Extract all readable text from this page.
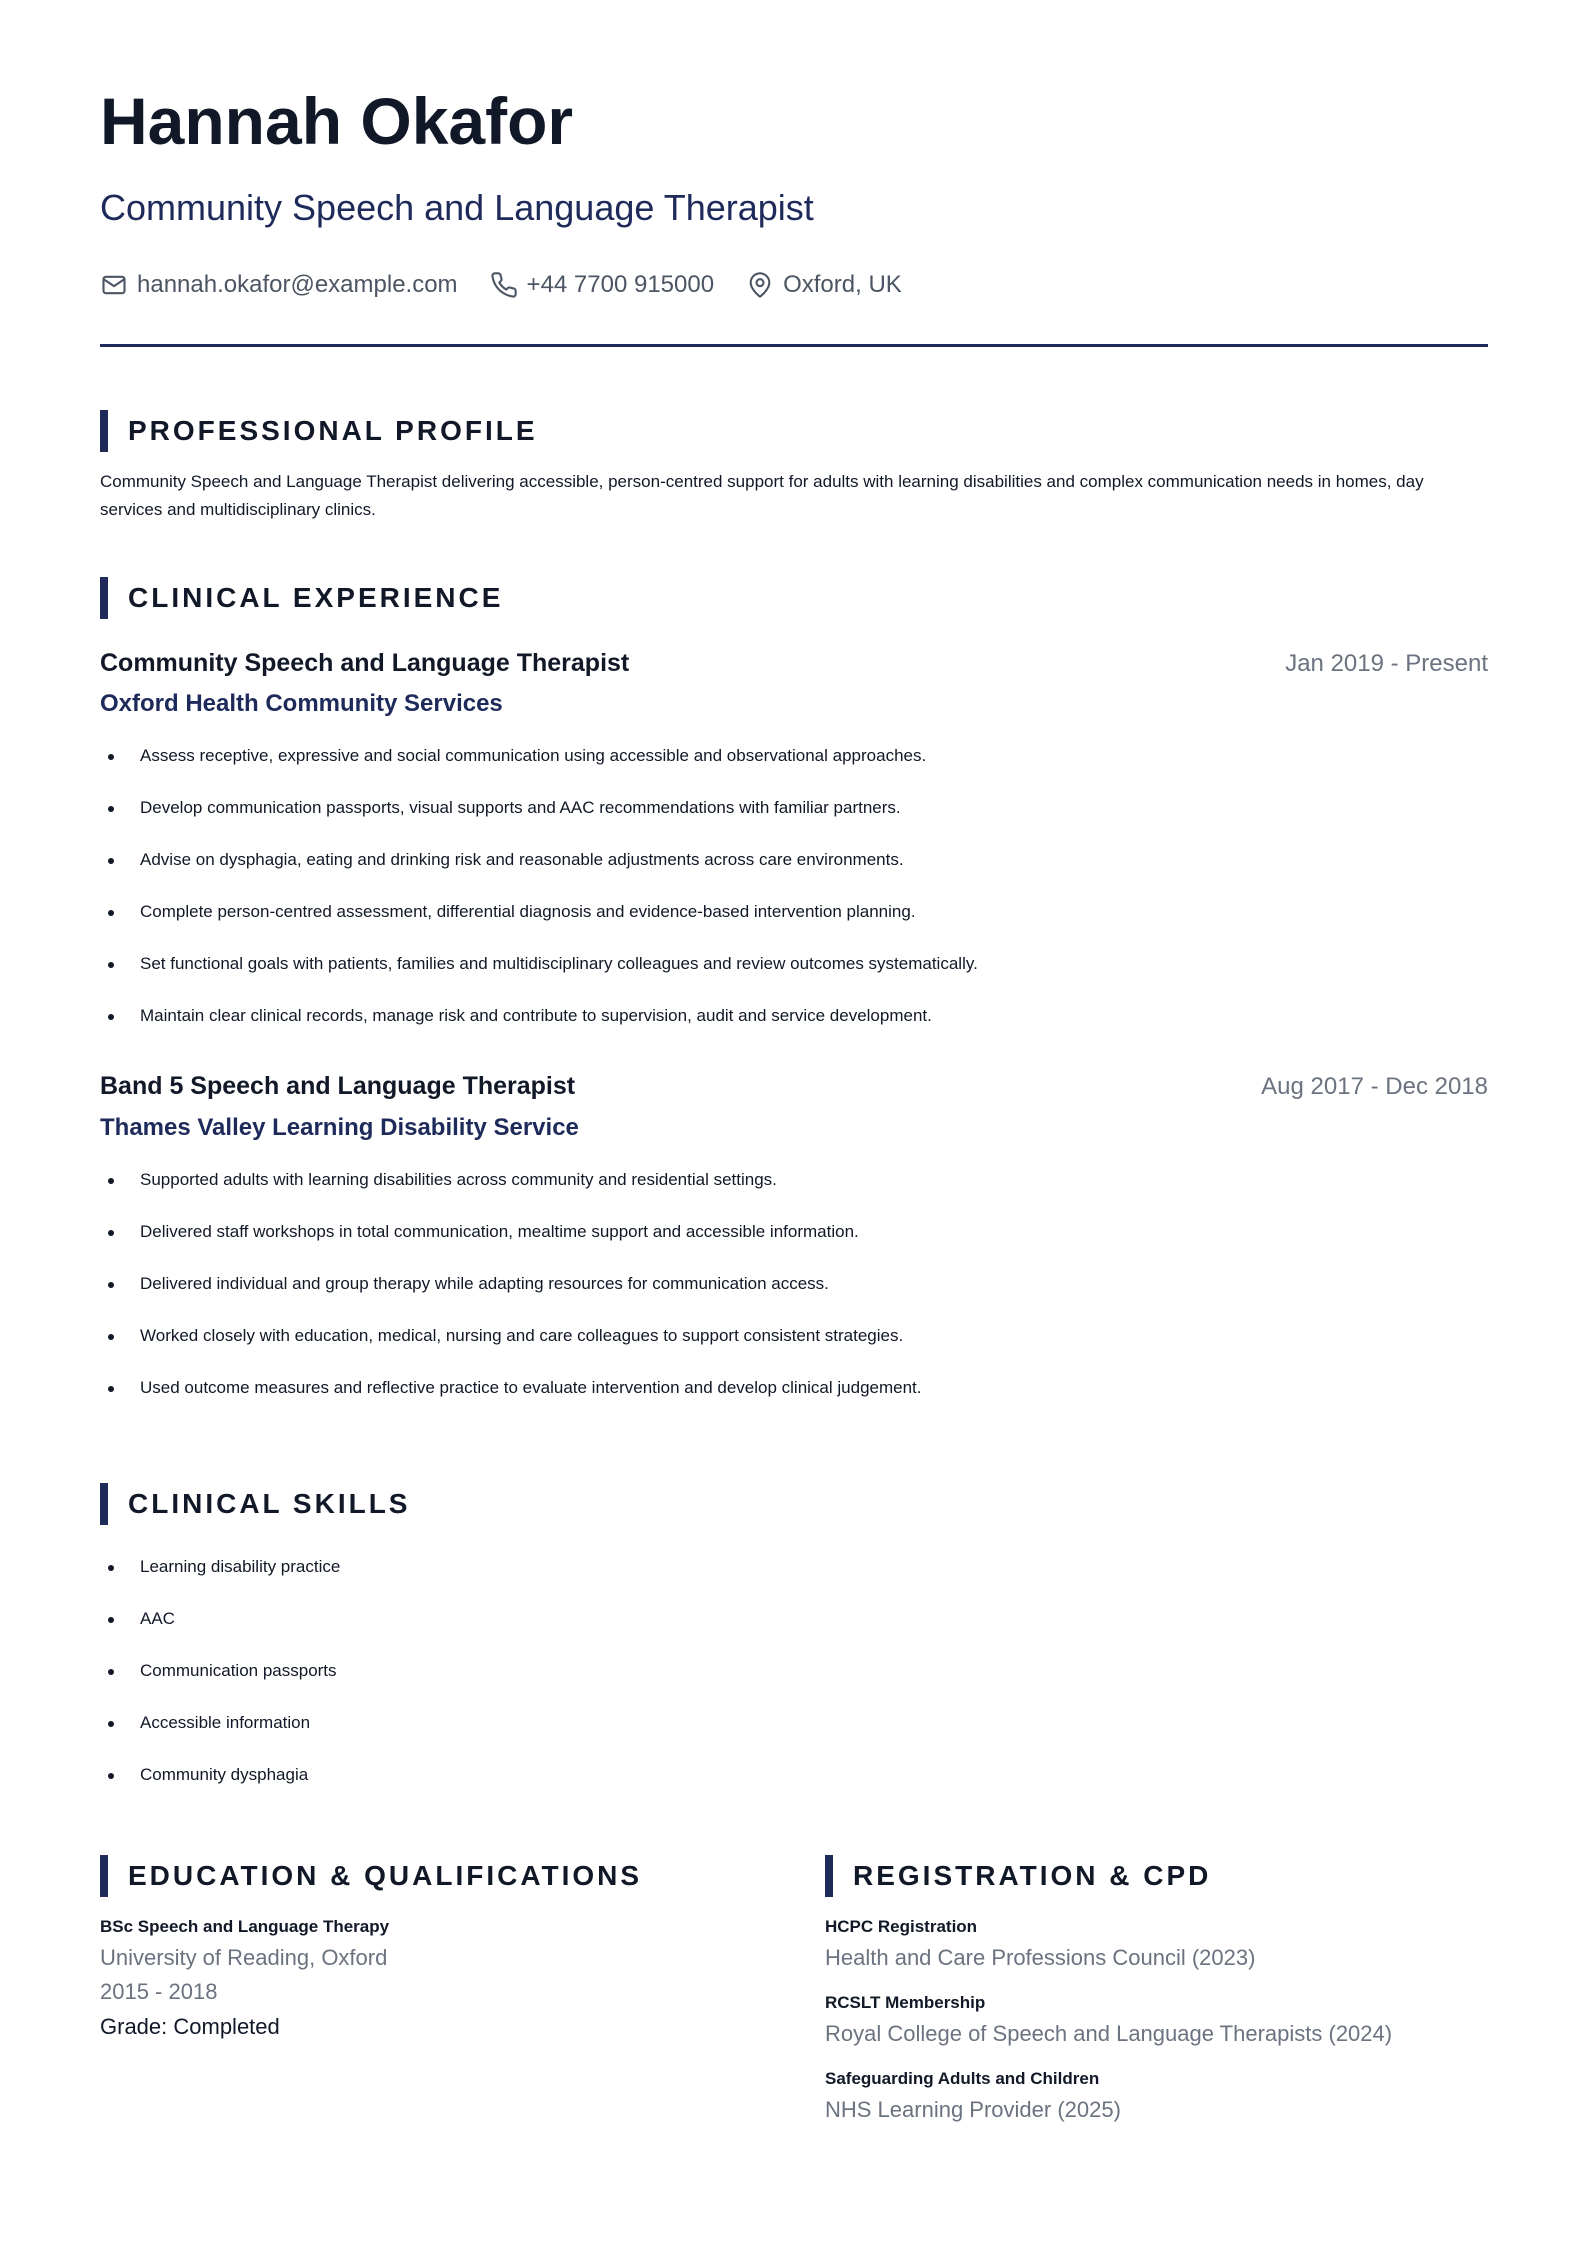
Hannah Okafor
Community Speech and Language Therapist
hannah.okafor@example.com	+44 7700 915000	Oxford, UK
PROFESSIONAL PROFILE
Community Speech and Language Therapist delivering accessible, person-centred support for adults with learning disabilities and complex communication needs in homes, day services and multidisciplinary clinics.
CLINICAL EXPERIENCE
Community Speech and Language Therapist	Jan 2019 - Present
Oxford Health Community Services
Assess receptive, expressive and social communication using accessible and observational approaches.
Develop communication passports, visual supports and AAC recommendations with familiar partners.
Advise on dysphagia, eating and drinking risk and reasonable adjustments across care environments.
Complete person-centred assessment, differential diagnosis and evidence-based intervention planning.
Set functional goals with patients, families and multidisciplinary colleagues and review outcomes systematically.
Maintain clear clinical records, manage risk and contribute to supervision, audit and service development.
Band 5 Speech and Language Therapist	Aug 2017 - Dec 2018
Thames Valley Learning Disability Service
Supported adults with learning disabilities across community and residential settings.
Delivered staff workshops in total communication, mealtime support and accessible information.
Delivered individual and group therapy while adapting resources for communication access.
Worked closely with education, medical, nursing and care colleagues to support consistent strategies.
Used outcome measures and reflective practice to evaluate intervention and develop clinical judgement.
CLINICAL SKILLS
Learning disability practice
AAC
Communication passports
Accessible information
Community dysphagia
EDUCATION & QUALIFICATIONS
BSc Speech and Language Therapy
University of Reading, Oxford
2015 - 2018
Grade: Completed
REGISTRATION & CPD
HCPC Registration
Health and Care Professions Council (2023)
RCSLT Membership
Royal College of Speech and Language Therapists (2024)
Safeguarding Adults and Children
NHS Learning Provider (2025)
